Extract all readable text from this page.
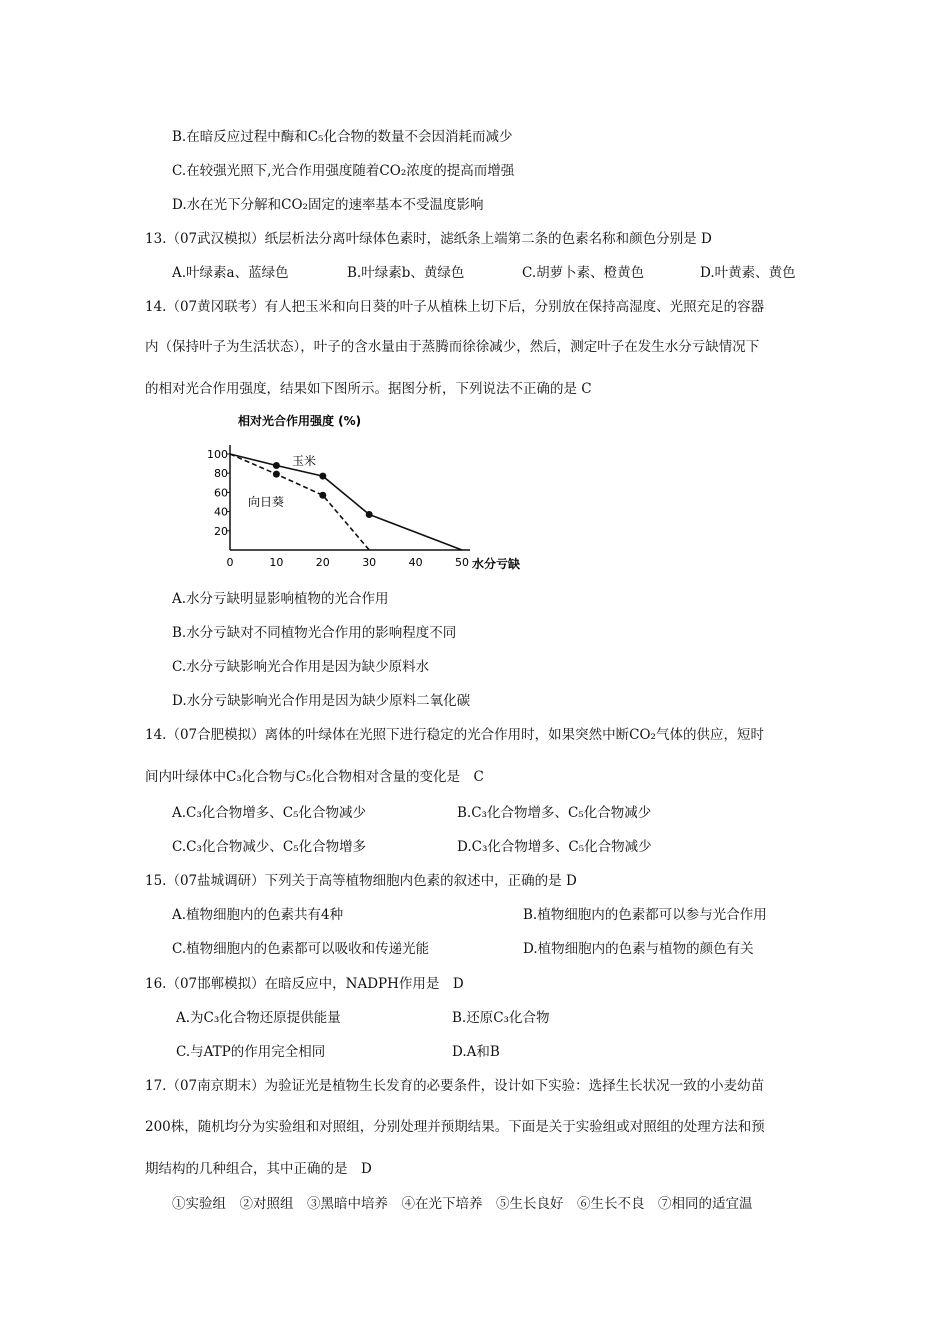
B.在暗反应过程中酶和C₅化合物的数量不会因消耗而减少
C.在较强光照下,光合作用强度随着CO₂浓度的提高而增强
D.水在光下分解和CO₂固定的速率基本不受温度影响
13.（07武汉模拟）纸层析法分离叶绿体色素时，滤纸条上端第二条的色素名称和颜色分别是 D
A.叶绿素a、蓝绿色	B.叶绿素b、黄绿色	C.胡萝卜素、橙黄色	D.叶黄素、黄色
14.（07黄冈联考）有人把玉米和向日葵的叶子从植株上切下后，分别放在保持高湿度、光照充足的容器
内（保持叶子为生活状态），叶子的含水量由于蒸腾而徐徐减少，然后，测定叶子在发生水分亏缺情况下
的相对光合作用强度，结果如下图所示。据图分析，下列说法不正确的是 C
相对光合作用强度 (%)
水分亏缺
0	10	20	30	40	50
100
80
60
40
20
玉米
向日葵
A.水分亏缺明显影响植物的光合作用
B.水分亏缺对不同植物光合作用的影响程度不同
C.水分亏缺影响光合作用是因为缺少原料水
D.水分亏缺影响光合作用是因为缺少原料二氧化碳
14.（07合肥模拟）离体的叶绿体在光照下进行稳定的光合作用时，如果突然中断CO₂气体的供应，短时
间内叶绿体中C₃化合物与C₅化合物相对含量的变化是　C
A.C₃化合物增多、C₅化合物减少	B.C₃化合物增多、C₅化合物减少
C.C₃化合物减少、C₅化合物增多	D.C₃化合物增多、C₅化合物减少
15.（07盐城调研）下列关于高等植物细胞内色素的叙述中，正确的是 D
A.植物细胞内的色素共有4种	B.植物细胞内的色素都可以参与光合作用
C.植物细胞内的色素都可以吸收和传递光能	D.植物细胞内的色素与植物的颜色有关
16.（07邯郸模拟）在暗反应中，NADPH作用是　D
A.为C₃化合物还原提供能量	B.还原C₃化合物
C.与ATP的作用完全相同	D.A和B
17.（07南京期末）为验证光是植物生长发育的必要条件，设计如下实验：选择生长状况一致的小麦幼苗
200株，随机均分为实验组和对照组，分别处理并预期结果。下面是关于实验组或对照组的处理方法和预
期结构的几种组合，其中正确的是　D
①实验组　②对照组　③黑暗中培养　④在光下培养　⑤生长良好　⑥生长不良　⑦相同的适宜温
